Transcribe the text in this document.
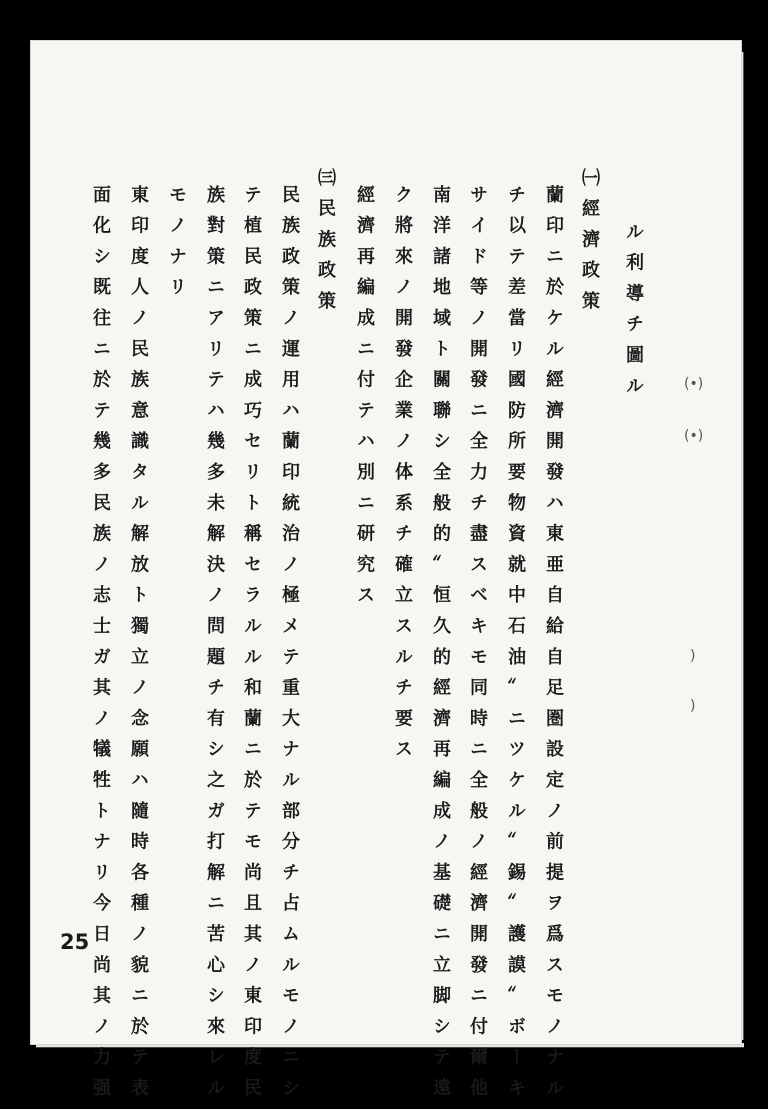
ル利導チ圖ル
㈠經濟政策
蘭印ニ於ケル經濟開發ハ東亜自給自足圏設定ノ前提ヲ爲スモノナル
チ以テ差當リ國防所要物資就中石油〟ニツケル〟錫〟護謨〟ボーキ
サイド等ノ開發ニ全力チ盡スベキモ同時ニ全般ノ經濟開發ニ付爾他
南洋諸地域ト關聯シ全般的〟恒久的經濟再編成ノ基礎ニ立脚シテ遠
ク將來ノ開發企業ノ体系チ確立スルチ要ス
經濟再編成ニ付テハ別ニ研究ス
㈢民族政策
民族政策ノ運用ハ蘭印統治ノ極メテ重大ナル部分チ占ムルモノニシ
テ植民政策ニ成巧セリト稱セラルル和蘭ニ於テモ尚且其ノ東印度民
族對策ニアリテハ幾多未解決ノ問題チ有シ之ガ打解ニ苦心シ來レル
モノナリ
東印度人ノ民族意識タル解放ト獨立ノ念願ハ隨時各種ノ貌ニ於テ表
面化シ既往ニ於テ幾多民族ノ志士ガ其ノ犠牲トナリ今日尚其ノ力强
25
(•)
(•)
)
)
